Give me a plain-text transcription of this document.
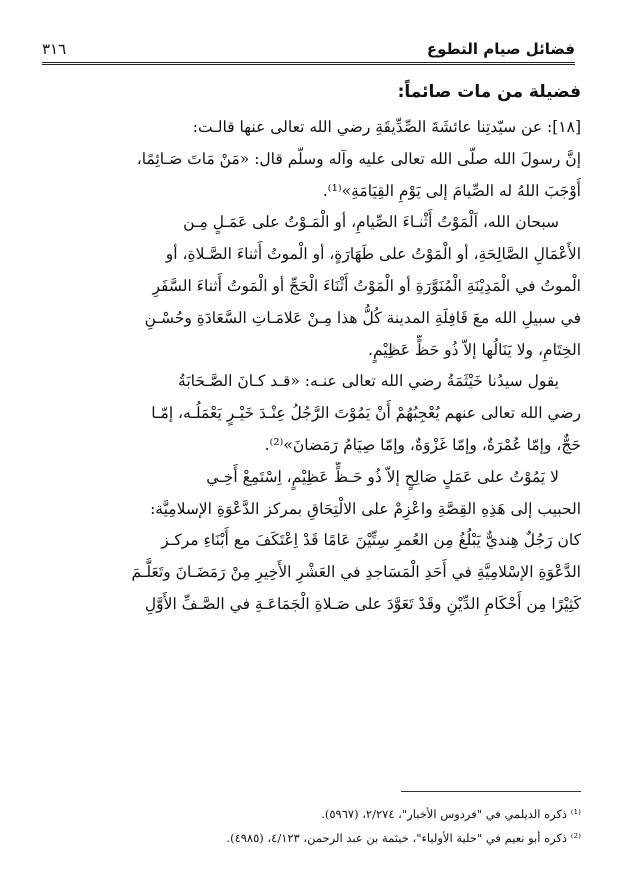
٣١٦	فضائل صيام التطوع

فضيلة من مات صائماً:

[١٨]: عن سيّدتِنا عائشَةَ الصِّدِّيقَةِ رضي الله تعالى عنها قالـت:

إنَّ رسولَ الله صلّى الله تعالى عليه وآله وسلّم قال: «مَنْ مَاتَ صَـائِمًا،

أَوْجَبَ اللهُ له الصِّيامَ إلى يَوْمِ القِيَامَةِ»⁽¹⁾.

سبحان الله، اَلْمَوْتُ أَثْنـاءَ الصِّيامِ، أو الْمَـوْتُ على عَمَـلٍ مِـن

الأَعْمَالِ الصَّالِحَةِ، أو الْمَوْتُ على طَهَارَةٍ، أو الْموتُ أَثناءَ الصَّـلاةِ، أو

الْموتُ في الْمَدِيْنَةِ الْمُنَوَّرَةِ أو الْمَوْتُ أَثْنَاءَ الْحَجِّ أو الْمَوتُ أَثناءَ السَّفَرِ

في سبيلِ الله معَ قَافِلَةِ المدينة كُلُّ هذا مِـنْ عَلامَـاتِ السَّعَادَةِ وحُسْـنِ

الخِتَامِ، ولا يَنَالُها إلاّ ذُو حَظٍّ عَظِيْمٍ.

يقول سيدُنا خَيْثَمَةُ رضي الله تعالى عنـه: «قـد كـانَ الصَّـحَابَةُ

رضي الله تعالى عنهم يُعْجِبُهُمْ أَنْ يَمُوْتَ الرَّجُلُ عِنْـدَ خَيْـرٍ يَعْمَلُـه، إمّـا

حَجٌّ، وإمّا عُمْرَةٌ، وإمّا غَزْوَةٌ، وإمّا صِيَامُ رَمَضانَ»⁽²⁾.

لا يَمُوْتُ على عَمَلٍ صَالِحٍ إلاّ ذُو حَـظٍّ عَظِيْمٍ، اِسْتَمِعْ أَخِـي

الحبيب إلى هَذِهِ القِصَّةِ واعْزِمْ على الالْتِحَاقِ بمركز الدَّعْوَةِ الإسلامِيَّة:

كان رَجُلٌ هِنديٌّ يَبْلُغُ مِن العُمرِ سِتِّيْنَ عَامًا قَدْ اِعْتَكَفَ مع أَبْنَاءِ مركـز

الدَّعْوَةِ الإسْلامِيَّةِ في أَحَدِ الْمَسَاجدِ في العَشْرِ الأَخِيرِ مِنْ رَمَضَـانَ وتَعَلَّـمَ

كَثِيْرًا مِن أَحْكَامِ الدِّيْنِ وقَدْ تَعَوَّدَ على صَـلاةِ الْجَمَاعَـةِ في الصَّـفِّ الأَوَّلِ

⁽¹⁾ ذكره الديلمي في "فردوس الأخبار"، ٢/٢٧٤، (٥٩٦٧).

⁽²⁾ ذكره أبو نعيم في "حلية الأولياء"، خيثمة بن عبد الرحمن، ٤/١٢٣، (٤٩٨٥).
